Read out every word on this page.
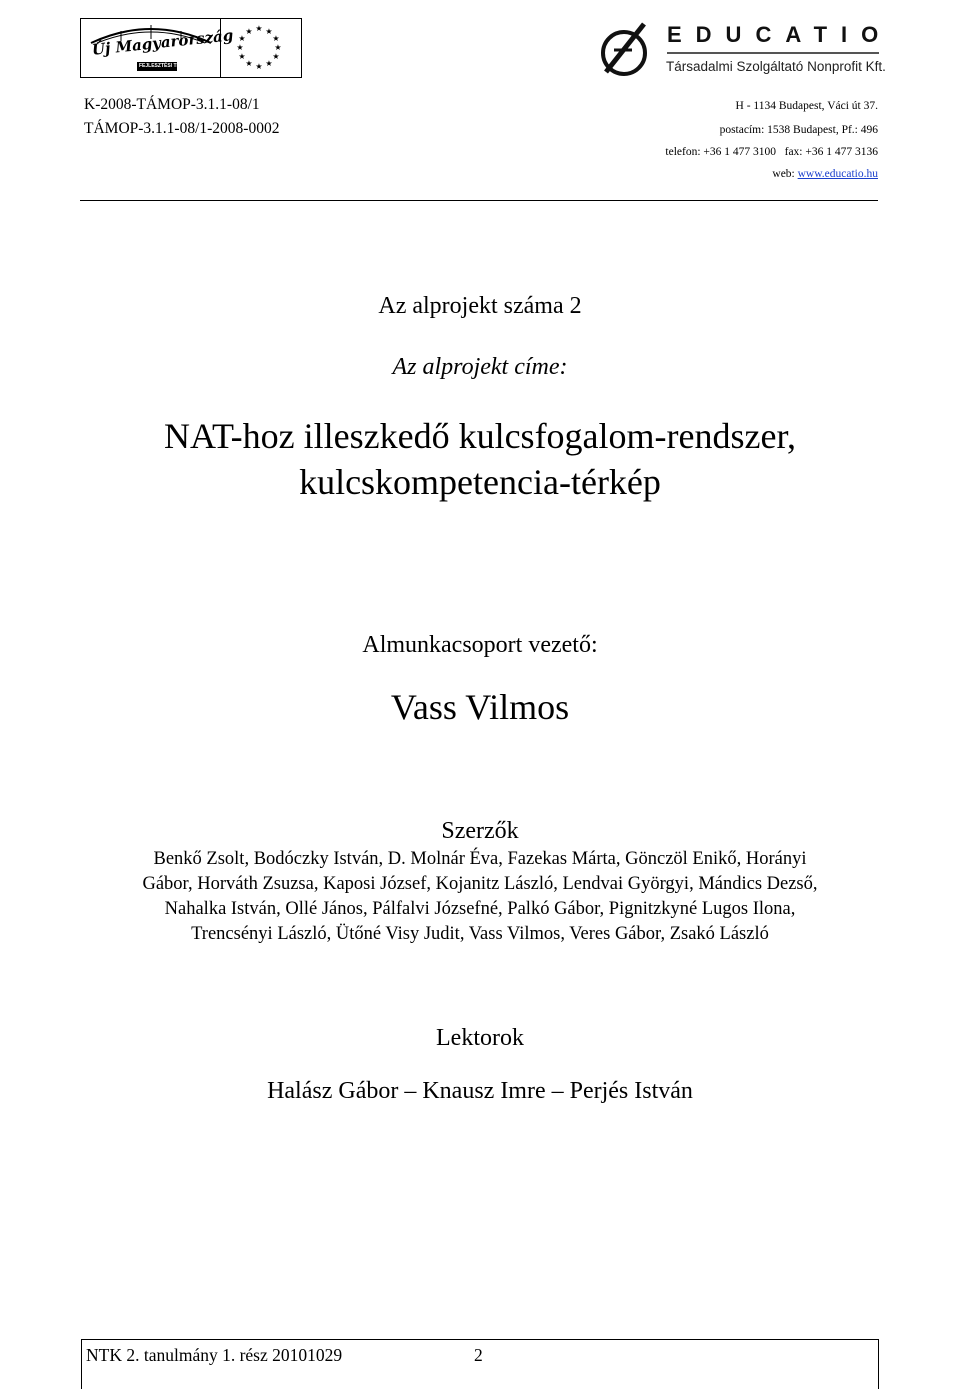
Új Magyarország
FEJLESZTÉSI TERV
★ ★
★
★
★
★
★
★
★
★
★
★	EDUCATIO
Társadalmi Szolgáltató Nonprofit Kft.
K-2008-TÁMOP-3.1.1-08/1
TÁMOP-3.1.1-08/1-2008-0002
H - 1134 Budapest, Váci út 37.
postacím: 1538 Budapest, Pf.: 496
telefon: +36 1 477 3100   fax: +36 1 477 3136
web: www.educatio.hu
Az alprojekt száma 2
Az alprojekt címe:
NAT-hoz illeszkedő kulcsfogalom-rendszer,
kulcskompetencia-térkép
Almunkacsoport vezető:
Vass Vilmos
Szerzők
Benkő Zsolt, Bodóczky István, D. Molnár Éva, Fazekas Márta, Gönczöl Enikő, Horányi
Gábor, Horváth Zsuzsa, Kaposi József, Kojanitz László, Lendvai Györgyi, Mándics Dezső,
Nahalka István, Ollé János, Pálfalvi Józsefné, Palkó Gábor, Pignitzkyné Lugos Ilona,
Trencsényi László, Ütőné Visy Judit, Vass Vilmos, Veres Gábor, Zsakó László
Lektorok
Halász Gábor – Knausz Imre – Perjés István
NTK 2. tanulmány 1. rész 20101029	2
